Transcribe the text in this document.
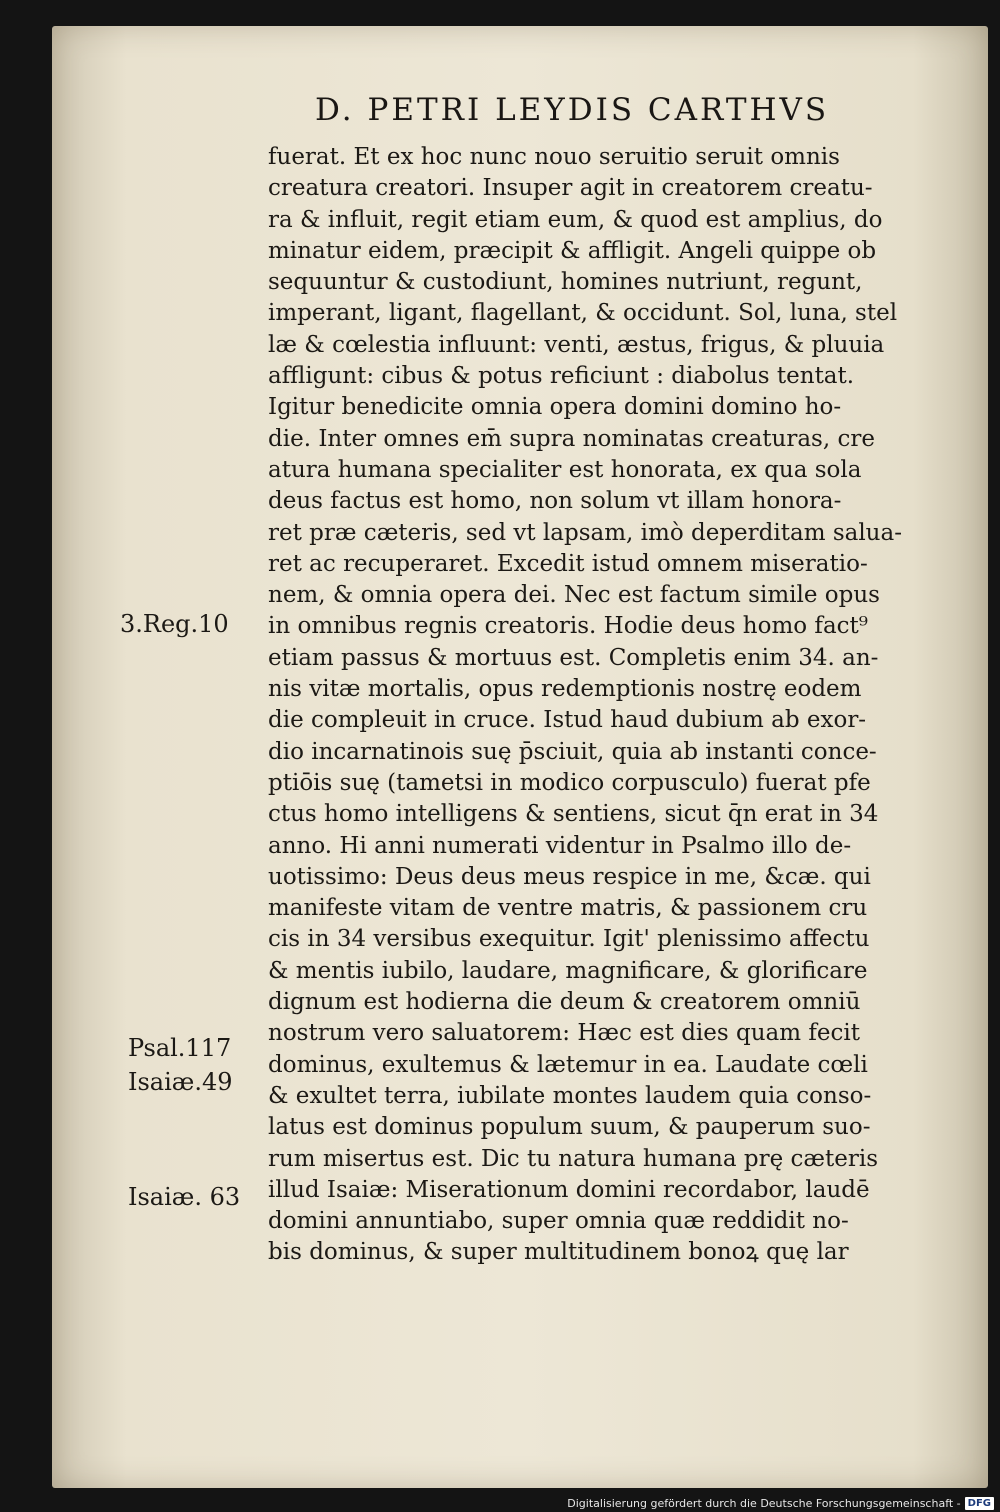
D. PETRI LEYDIS CARTHVS
fuerat. Et ex hoc nunc nouo seruitio seruit omnis
creatura creatori. Insuper agit in creatorem creatu-
ra & influit, regit etiam eum, & quod est amplius, do
minatur eidem, præcipit & affligit. Angeli quippe ob
sequuntur & custodiunt, homines nutriunt, regunt,
imperant, ligant, flagellant, & occidunt. Sol, luna, stel
læ & cœlestia influunt: venti, æstus, frigus, & pluuia
affligunt: cibus & potus reficiunt : diabolus tentat.
Igitur benedicite omnia opera domini domino ho-
die. Inter omnes em̄ supra nominatas creaturas, cre
atura humana specialiter est honorata, ex qua sola
deus factus est homo, non solum vt illam honora-
ret præ cæteris, sed vt lapsam, imò deperditam salua-
ret ac recuperaret. Excedit istud omnem miseratio-
nem, & omnia opera dei. Nec est factum simile opus
in omnibus regnis creatoris. Hodie deus homo fact⁹
etiam passus & mortuus est. Completis enim 34. an-
nis vitæ mortalis, opus redemptionis nostrę eodem
die compleuit in cruce. Istud haud dubium ab exor-
dio incarnatinois suę p̄sciuit, quia ab instanti conce-
ptiōis suę (tametsi in modico corpusculo) fuerat pfe
ctus homo intelligens & sentiens, sicut q̄n erat in 34
anno. Hi anni numerati videntur in Psalmo illo de-
uotissimo: Deus deus meus respice in me, &cæ. qui
manifeste vitam de ventre matris, & passionem cru
cis in 34 versibus exequitur. Igit' plenissimo affectu
& mentis iubilo, laudare, magnificare, & glorificare
dignum est hodierna die deum & creatorem omniū
nostrum vero saluatorem: Hæc est dies quam fecit
dominus, exultemus & lætemur in ea. Laudate cœli
& exultet terra, iubilate montes laudem quia conso-
latus est dominus populum suum, & pauperum suo-
rum misertus est. Dic tu natura humana prę cæteris
illud Isaiæ: Miserationum domini recordabor, laudē
domini annuntiabo, super omnia quæ reddidit no-
bis dominus, & super multitudinem bonoꝝ quę lar
3.Reg.10
Psal.117
Isaiæ.49
Isaiæ. 63
Digitalisierung gefördert durch die Deutsche Forschungsgemeinschaft - DFG
